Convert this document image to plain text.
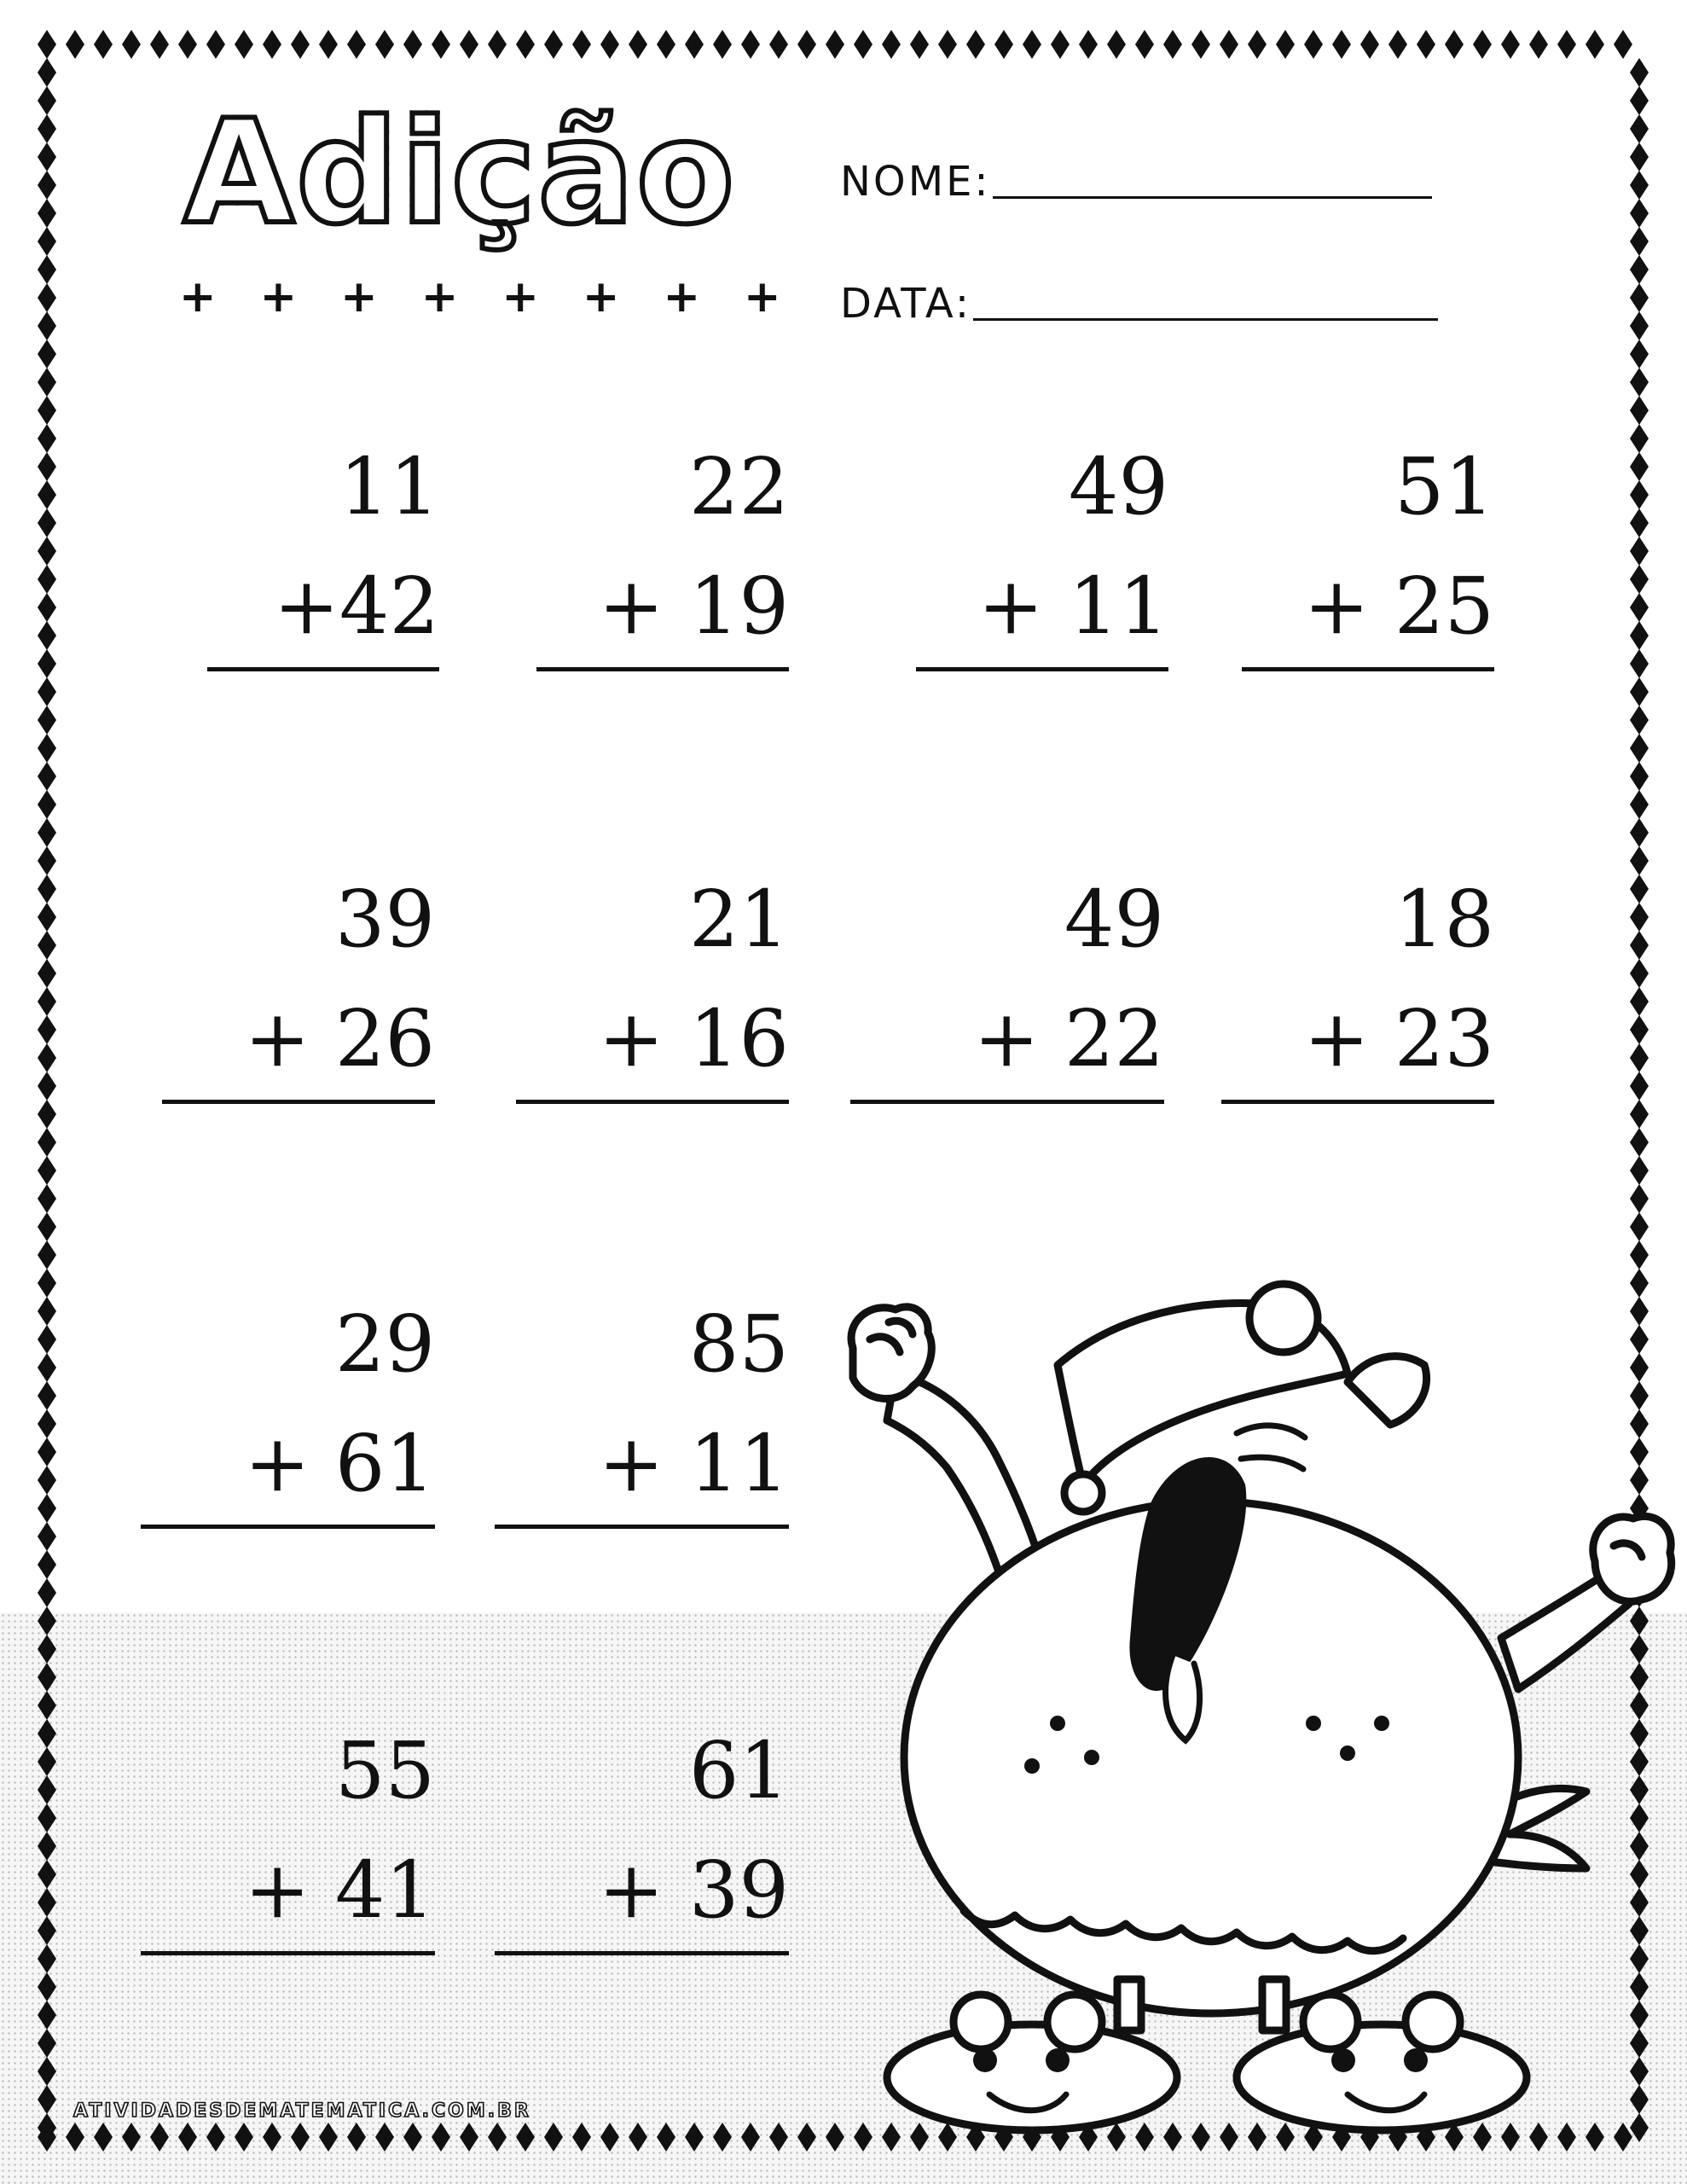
Adição
+ + + + + + + +
NOME:
DATA:
11
+42
22
+ 19
49
+ 11
51
+ 25
39
+ 26
21
+ 16
49
+ 22
18
+ 23
29
+ 61
85
+ 11
55
+ 41
61
+ 39
ATIVIDADESDEMATEMATICA.COM.BR
